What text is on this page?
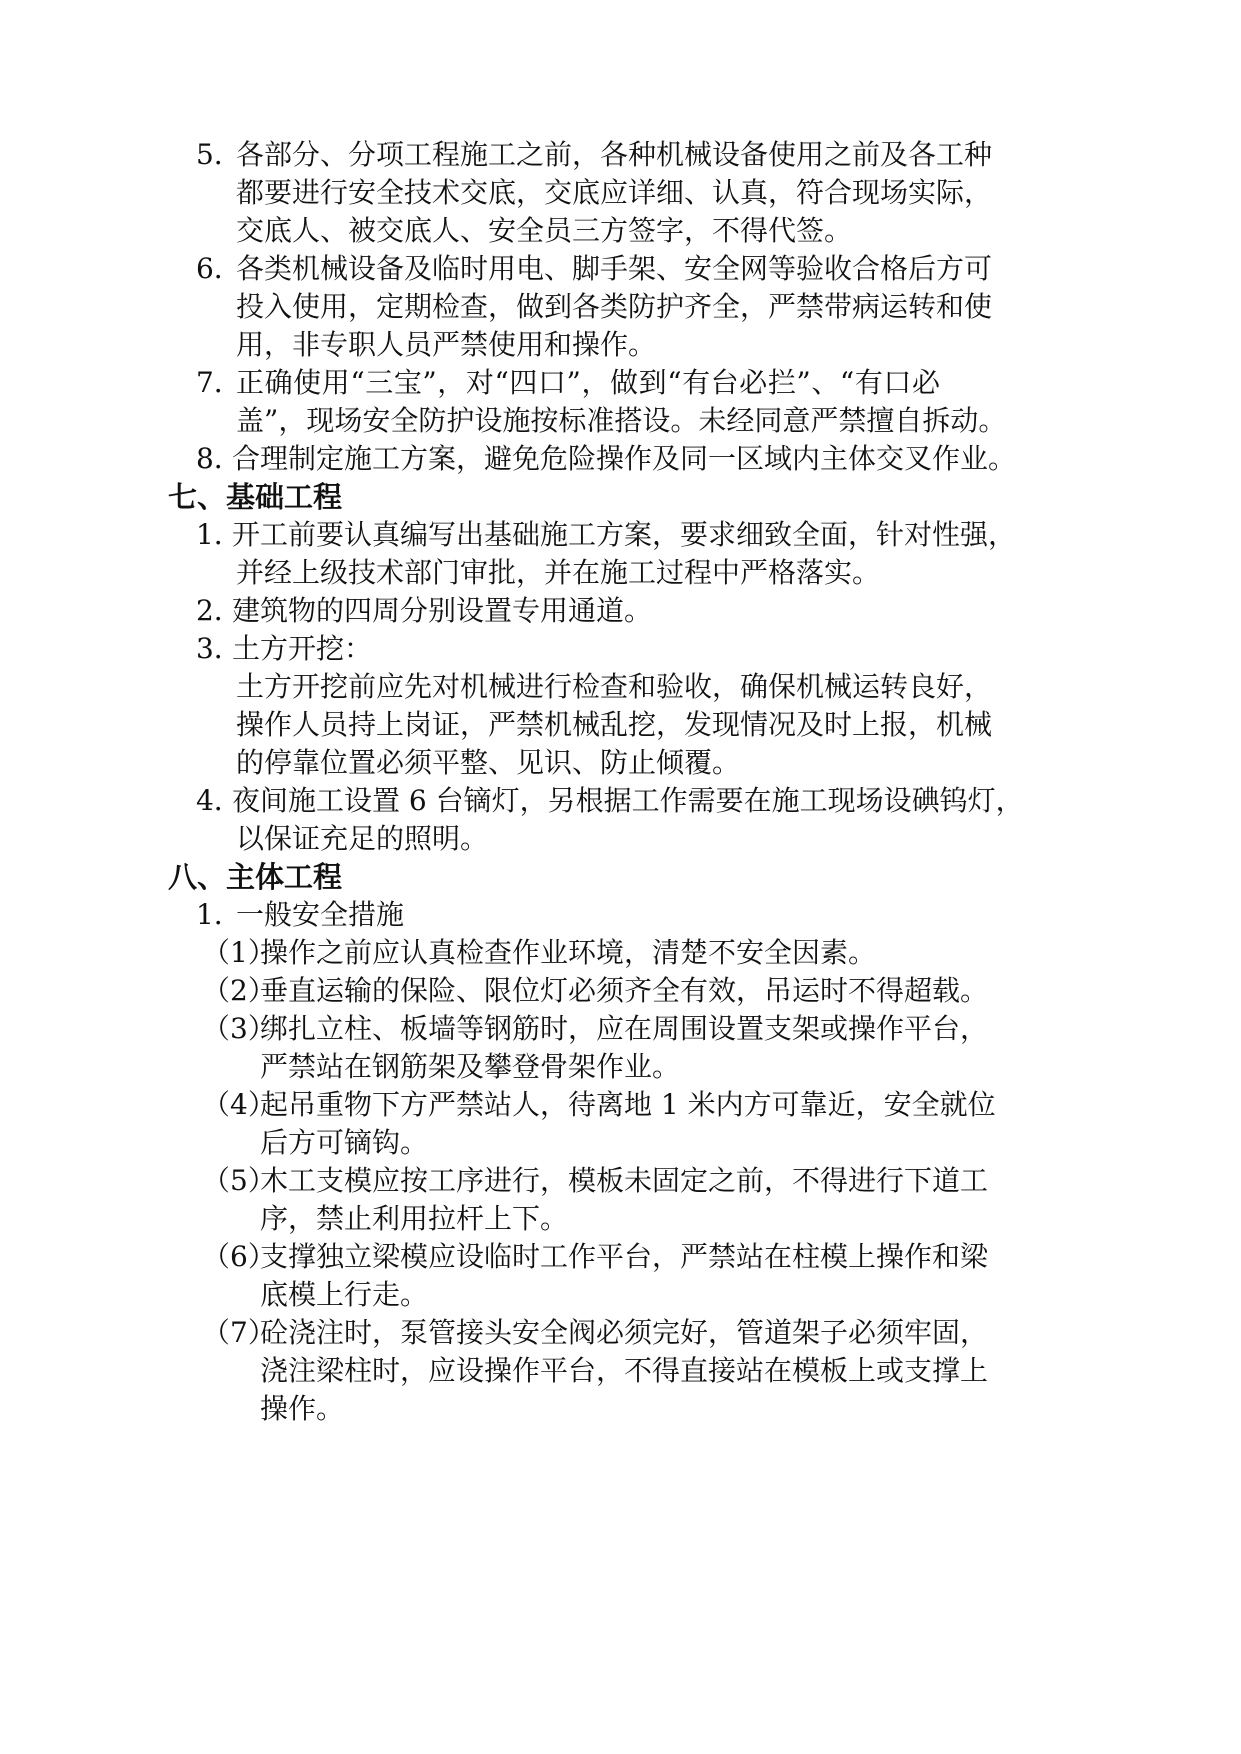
5．
各部分、分项工程施工之前，各种机械设备使用之前及各工种
都要进行安全技术交底，交底应详细、认真，符合现场实际，
交底人、被交底人、安全员三方签字，不得代签。
6．
各类机械设备及临时用电、脚手架、安全网等验收合格后方可
投入使用，定期检查，做到各类防护齐全，严禁带病运转和使
用，非专职人员严禁使用和操作。
7．
正确使用“三宝”，对“四口”，做到“有台必拦”、“有口必
盖”，现场安全防护设施按标准搭设。未经同意严禁擅自拆动。
8．
合理制定施工方案，避免危险操作及同一区域内主体交叉作业。
七、基础工程
1．
开工前要认真编写出基础施工方案，要求细致全面，针对性强，
并经上级技术部门审批，并在施工过程中严格落实。
2．
建筑物的四周分别设置专用通道。
3．
土方开挖：
土方开挖前应先对机械进行检查和验收，确保机械运转良好，
操作人员持上岗证，严禁机械乱挖，发现情况及时上报，机械
的停靠位置必须平整、见识、防止倾覆。
4．
夜间施工设置 6 台镝灯，另根据工作需要在施工现场设碘钨灯，
以保证充足的照明。
八、主体工程
1．
一般安全措施
（1）
操作之前应认真检查作业环境，清楚不安全因素。
（2）
垂直运输的保险、限位灯必须齐全有效，吊运时不得超载。
（3）
绑扎立柱、板墙等钢筋时，应在周围设置支架或操作平台，
严禁站在钢筋架及攀登骨架作业。
（4）
起吊重物下方严禁站人，待离地 1 米内方可靠近，安全就位
后方可镝钩。
（5）
木工支模应按工序进行，模板未固定之前，不得进行下道工
序，禁止利用拉杆上下。
（6）
支撑独立梁模应设临时工作平台，严禁站在柱模上操作和梁
底模上行走。
（7）
砼浇注时，泵管接头安全阀必须完好，管道架子必须牢固，
浇注梁柱时，应设操作平台，不得直接站在模板上或支撑上
操作。
